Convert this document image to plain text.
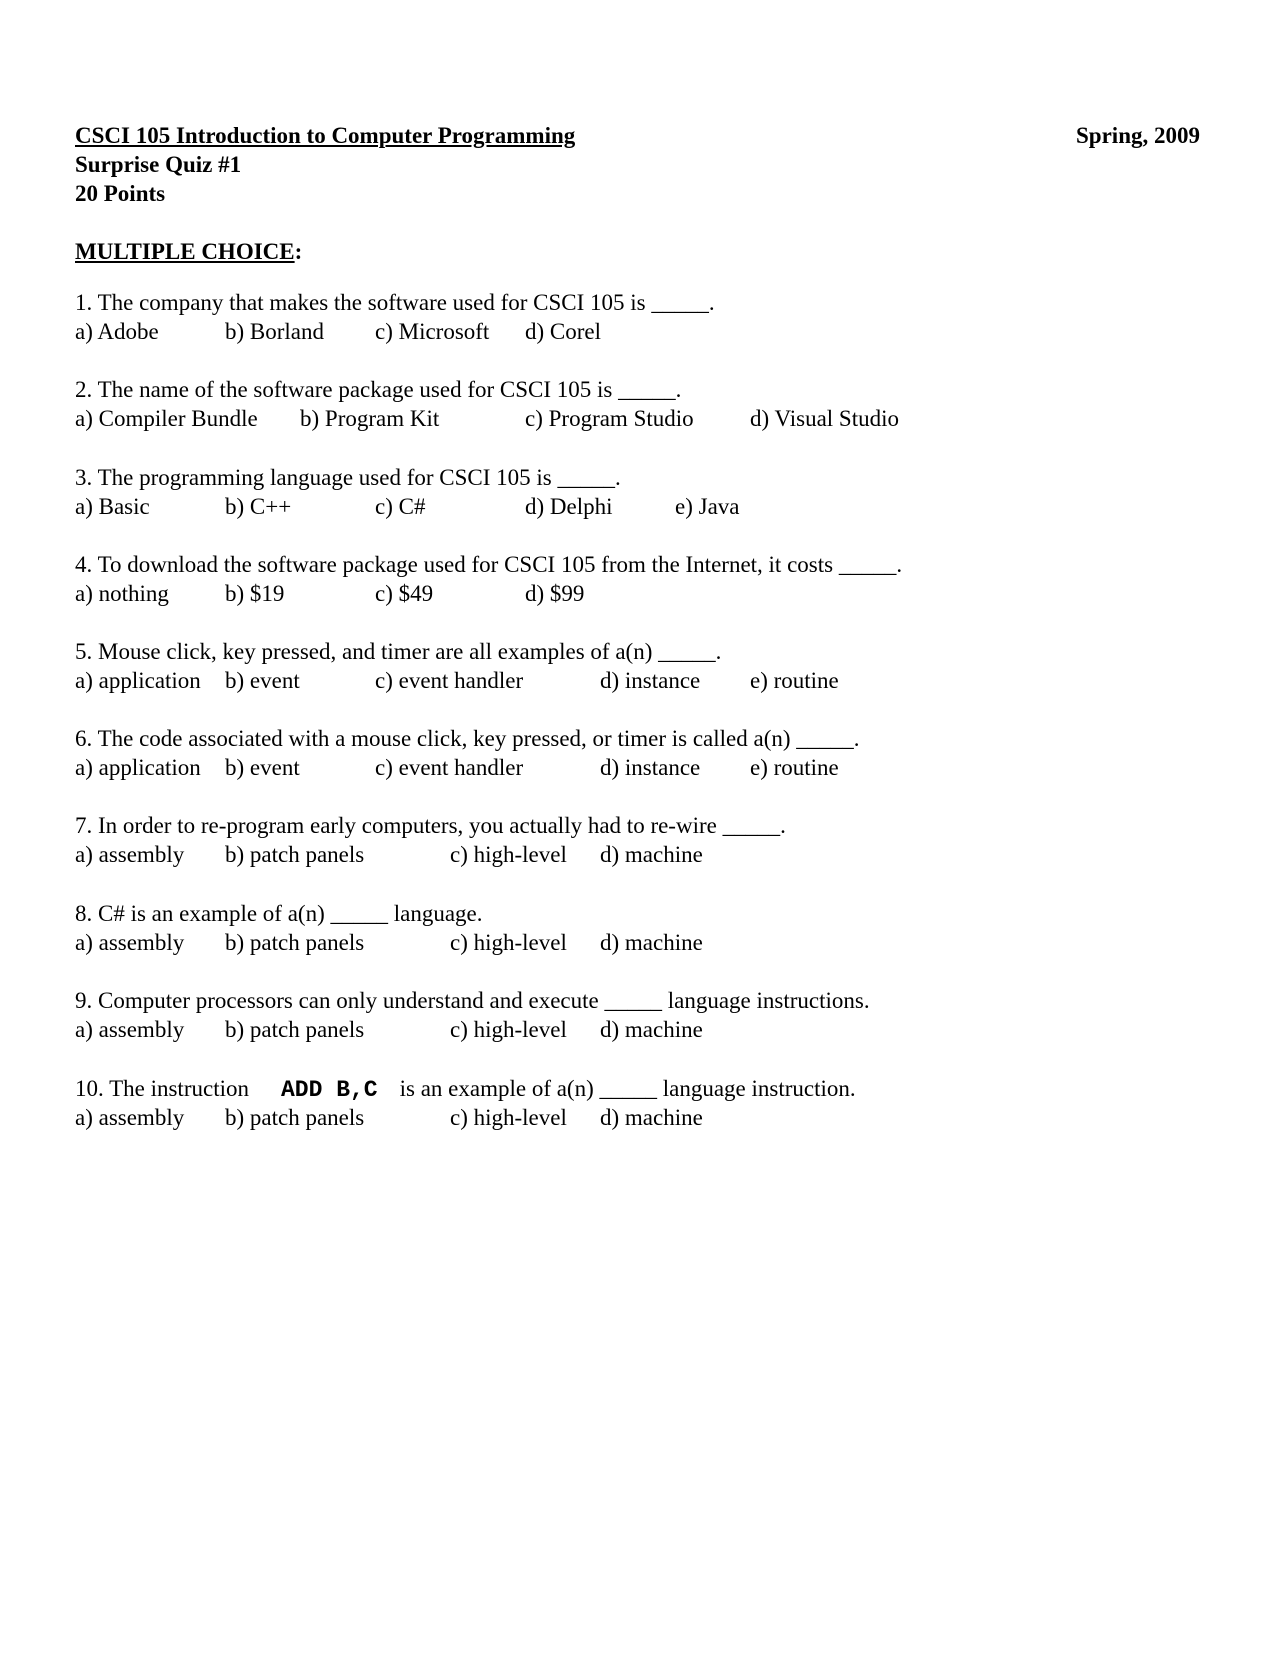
CSCI 105 Introduction to Computer Programming	Spring, 2009
Surprise Quiz #1
20 Points
MULTIPLE CHOICE:
1. The company that makes the software used for CSCI 105 is _____.
a) Adobe	b) Borland c) Microsoft d) Corel
2. The name of the software package used for CSCI 105 is _____.
a) Compiler Bundle b) Program Kit	c) Program Studio d) Visual Studio
3. The programming language used for CSCI 105 is _____.
a) Basic	b) C++	c) C#	d) Delphi	e) Java
4. To download the software package used for CSCI 105 from the Internet, it costs _____.
a) nothing b) $19	c) $49	d) $99
5. Mouse click, key pressed, and timer are all examples of a(n) _____.
a) application b) event	c) event handler	d) instance e) routine
6. The code associated with a mouse click, key pressed, or timer is called a(n) _____.
a) application b) event	c) event handler	d) instance e) routine
7. In order to re-program early computers, you actually had to re-wire _____.
a) assembly b) patch panels	c) high-level d) machine
8. C# is an example of a(n) _____ language.
a) assembly b) patch panels	c) high-level d) machine
9. Computer processors can only understand and execute _____ language instructions.
a) assembly b) patch panels	c) high-level d) machine
10. The instruction ADD B,C is an example of a(n) _____ language instruction.
a) assembly b) patch panels	c) high-level d) machine
